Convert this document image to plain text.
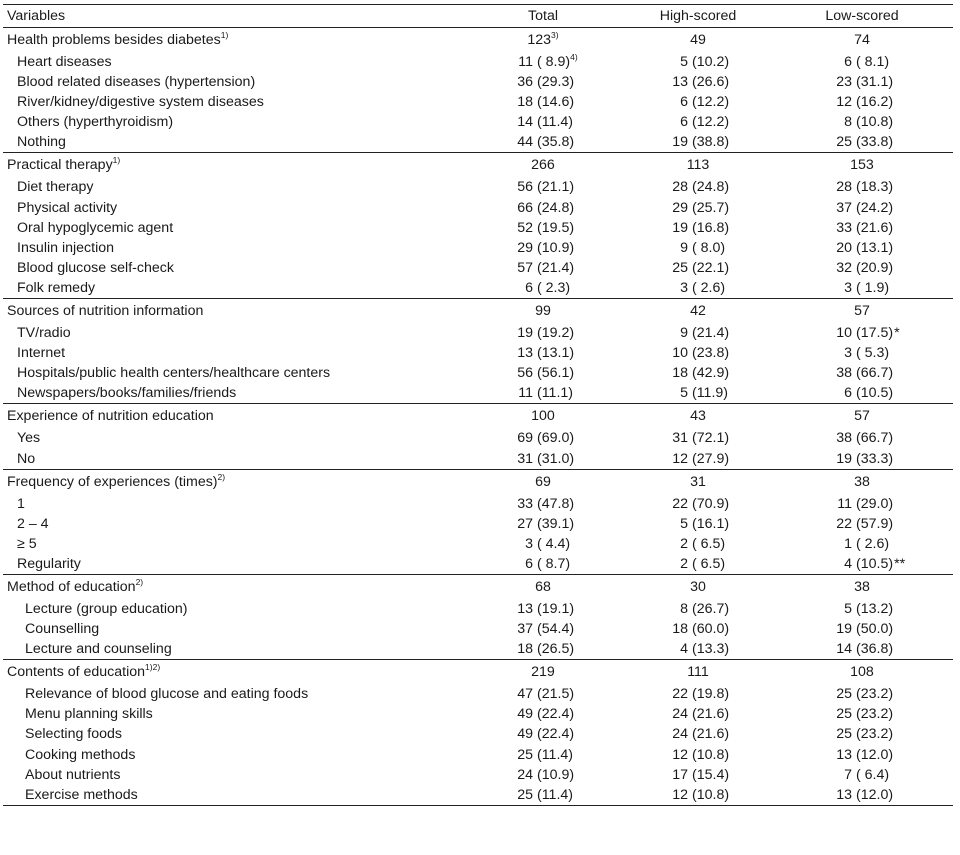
Variables	Total	High-scored	Low-scored
Health problems besides diabetes$^{1)}$	123$^{3)}$	49	74
Heart diseases	11 ( 8.9)$^{4)}$	5 (10.2)	6 ( 8.1)
Blood related diseases (hypertension)	36 (29.3)	13 (26.6)	23 (31.1)
River/kidney/digestive system diseases	18 (14.6)	6 (12.2)	12 (16.2)
Others (hyperthyroidism)	14 (11.4)	6 (12.2)	8 (10.8)
Nothing	44 (35.8)	19 (38.8)	25 (33.8)
Practical therapy$^{1)}$	266	113	153
Diet therapy	56 (21.1)	28 (24.8)	28 (18.3)
Physical activity	66 (24.8)	29 (25.7)	37 (24.2)
Oral hypoglycemic agent	52 (19.5)	19 (16.8)	33 (21.6)
Insulin injection	29 (10.9)	9 ( 8.0)	20 (13.1)
Blood glucose self-check	57 (21.4)	25 (22.1)	32 (20.9)
Folk remedy	6 ( 2.3)	3 ( 2.6)	3 ( 1.9)
Sources of nutrition information	99	42	57
TV/radio	19 (19.2)	9 (21.4)	10 (17.5)*
Internet	13 (13.1)	10 (23.8)	3 ( 5.3)
Hospitals/public health centers/healthcare centers	56 (56.1)	18 (42.9)	38 (66.7)
Newspapers/books/families/friends	11 (11.1)	5 (11.9)	6 (10.5)
Experience of nutrition education	100	43	57
Yes	69 (69.0)	31 (72.1)	38 (66.7)
No	31 (31.0)	12 (27.9)	19 (33.3)
Frequency of experiences (times)$^{2)}$	69	31	38
1	33 (47.8)	22 (70.9)	11 (29.0)
2 – 4	27 (39.1)	5 (16.1)	22 (57.9)
≥ 5	3 ( 4.4)	2 ( 6.5)	1 ( 2.6)
Regularity	6 ( 8.7)	2 ( 6.5)	4 (10.5)**
Method of education$^{2)}$	68	30	38
Lecture (group education)	13 (19.1)	8 (26.7)	5 (13.2)
Counselling	37 (54.4)	18 (60.0)	19 (50.0)
Lecture and counseling	18 (26.5)	4 (13.3)	14 (36.8)
Contents of education$^{1)2)}$	219	111	108
Relevance of blood glucose and eating foods	47 (21.5)	22 (19.8)	25 (23.2)
Menu planning skills	49 (22.4)	24 (21.6)	25 (23.2)
Selecting foods	49 (22.4)	24 (21.6)	25 (23.2)
Cooking methods	25 (11.4)	12 (10.8)	13 (12.0)
About nutrients	24 (10.9)	17 (15.4)	7 ( 6.4)
Exercise methods	25 (11.4)	12 (10.8)	13 (12.0)
